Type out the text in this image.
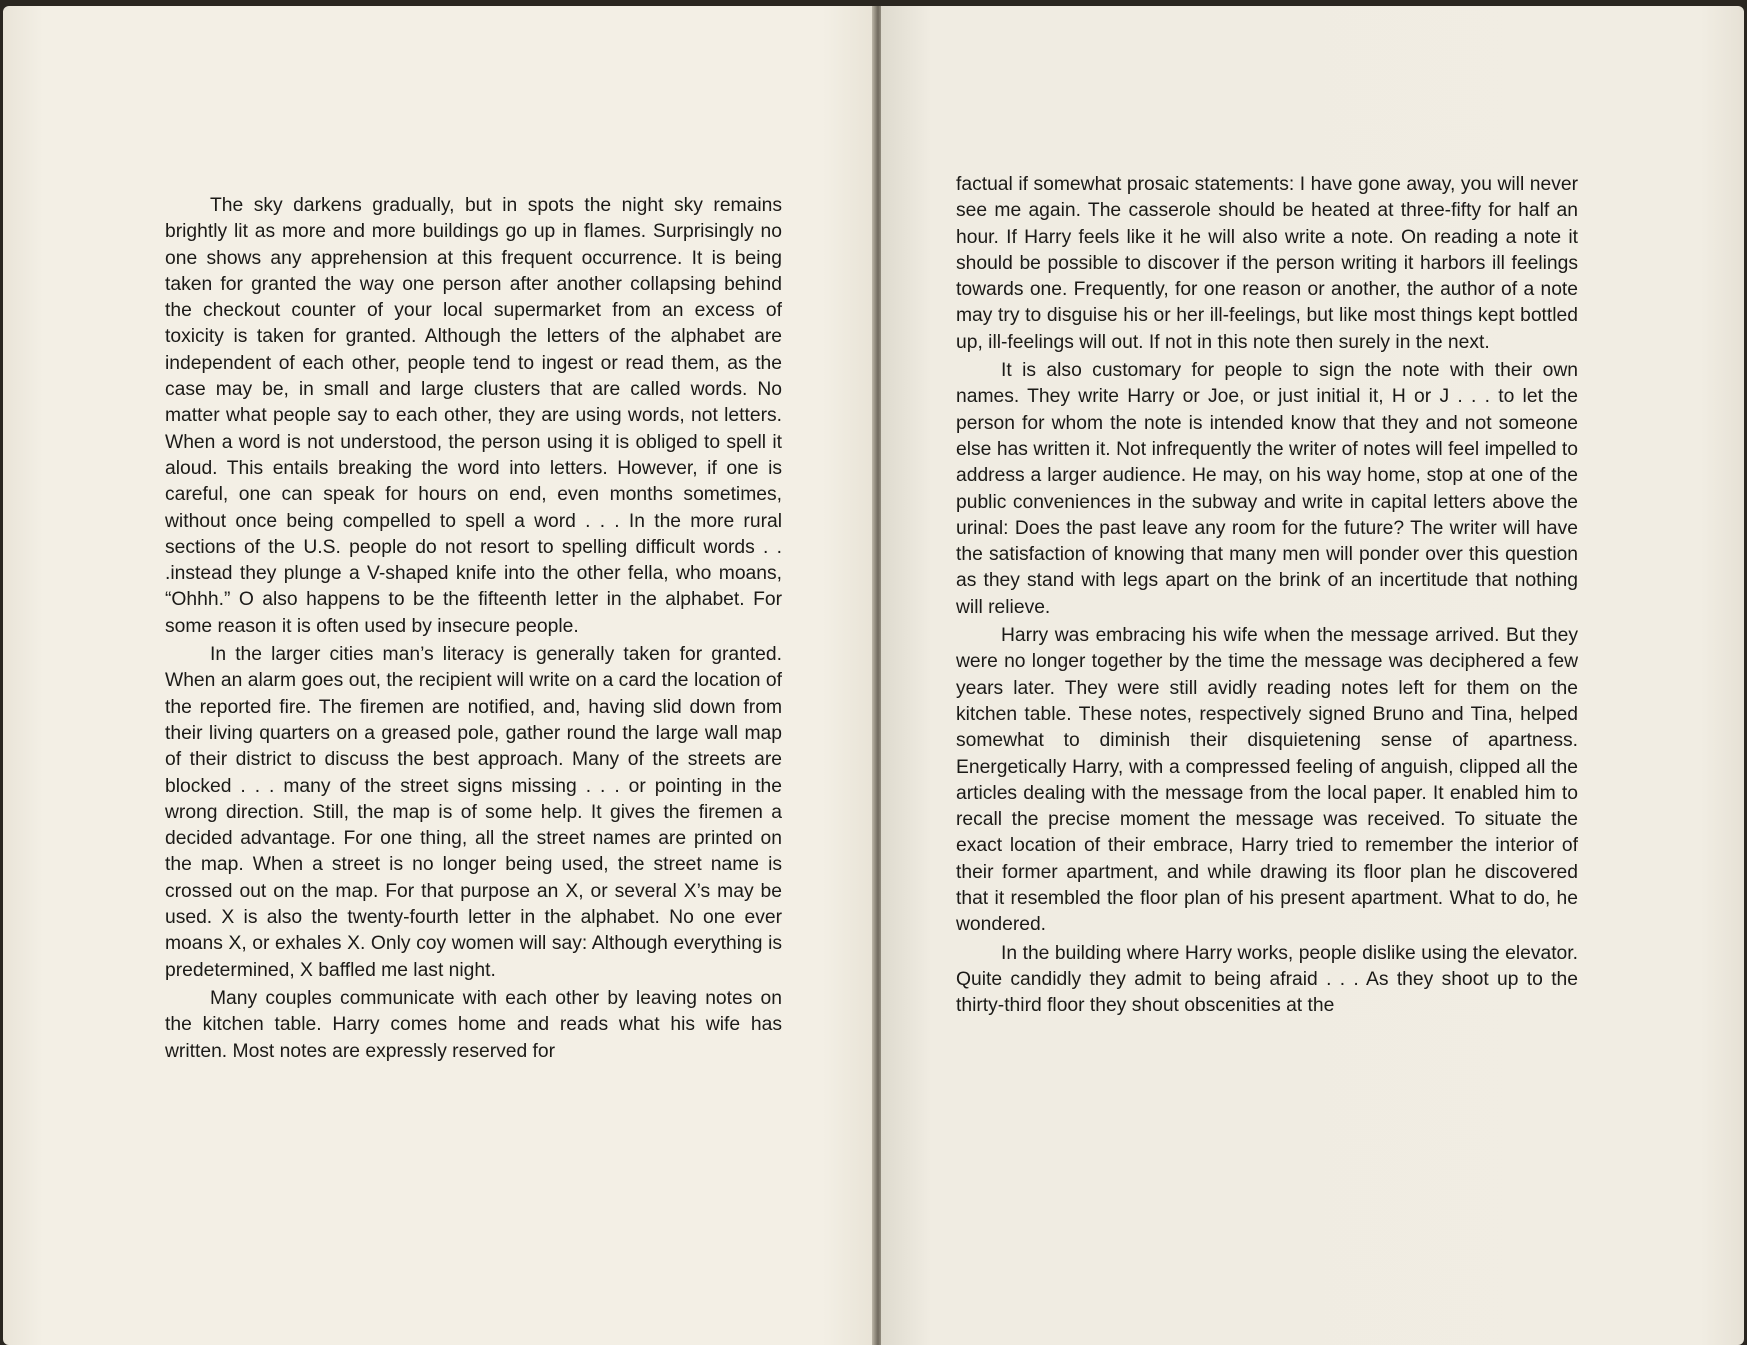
The sky darkens gradually, but in spots the night sky remains brightly lit as more and more buildings go up in flames. Surprisingly no one shows any apprehension at this frequent occurrence. It is being taken for granted the way one person after another collapsing behind the checkout counter of your local supermarket from an excess of toxicity is taken for granted. Although the letters of the alphabet are independent of each other, people tend to ingest or read them, as the case may be, in small and large clusters that are called words. No matter what people say to each other, they are using words, not letters. When a word is not understood, the person using it is obliged to spell it aloud. This entails breaking the word into letters. However, if one is careful, one can speak for hours on end, even months sometimes, without once being compelled to spell a word . . . In the more rural sections of the U.S. people do not resort to spelling difficult words . . .instead they plunge a V-shaped knife into the other fella, who moans, “Ohhh.” O also happens to be the fifteenth letter in the alphabet. For some reason it is often used by insecure people.

In the larger cities man’s literacy is generally taken for granted. When an alarm goes out, the recipient will write on a card the location of the reported fire. The firemen are notified, and, having slid down from their living quarters on a greased pole, gather round the large wall map of their district to discuss the best approach. Many of the streets are blocked . . . many of the street signs missing . . . or pointing in the wrong direction. Still, the map is of some help. It gives the firemen a decided advantage. For one thing, all the street names are printed on the map. When a street is no longer being used, the street name is crossed out on the map. For that purpose an X, or several X’s may be used. X is also the twenty-fourth letter in the alphabet. No one ever moans X, or exhales X. Only coy women will say: Although everything is predetermined, X baffled me last night.

Many couples communicate with each other by leaving notes on the kitchen table. Harry comes home and reads what his wife has written. Most notes are expressly reserved for

factual if somewhat prosaic statements: I have gone away, you will never see me again. The casserole should be heated at three-fifty for half an hour. If Harry feels like it he will also write a note. On reading a note it should be possible to discover if the person writing it harbors ill feelings towards one. Frequently, for one reason or another, the author of a note may try to disguise his or her ill-feelings, but like most things kept bottled up, ill-feelings will out. If not in this note then surely in the next.

It is also customary for people to sign the note with their own names. They write Harry or Joe, or just initial it, H or J . . . to let the person for whom the note is intended know that they and not someone else has written it. Not infrequently the writer of notes will feel impelled to address a larger audience. He may, on his way home, stop at one of the public conveniences in the subway and write in capital letters above the urinal: Does the past leave any room for the future? The writer will have the satisfaction of knowing that many men will ponder over this question as they stand with legs apart on the brink of an incertitude that nothing will relieve.

Harry was embracing his wife when the message arrived. But they were no longer together by the time the message was deciphered a few years later. They were still avidly reading notes left for them on the kitchen table. These notes, respectively signed Bruno and Tina, helped somewhat to diminish their disquietening sense of apartness. Energetically Harry, with a compressed feeling of anguish, clipped all the articles dealing with the message from the local paper. It enabled him to recall the precise moment the message was received. To situate the exact location of their embrace, Harry tried to remember the interior of their former apartment, and while drawing its floor plan he discovered that it resembled the floor plan of his present apartment. What to do, he wondered.

In the building where Harry works, people dislike using the elevator. Quite candidly they admit to being afraid . . . As they shoot up to the thirty-third floor they shout obscenities at the
